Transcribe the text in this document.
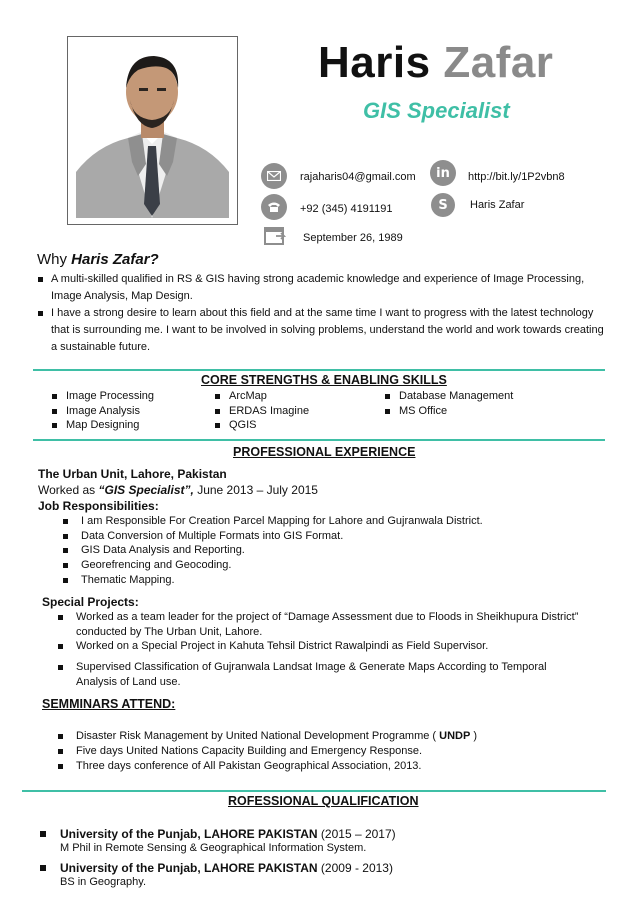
Haris Zafar
GIS Specialist
rajaharis04@gmail.com
+92 (345) 4191191
September 26, 1989
in	http://bit.ly/1P2vbn8
S	Haris Zafar
Why Haris Zafar?
A multi-skilled qualified in RS & GIS having strong academic knowledge and experience of Image Processing, Image Analysis, Map Design.
I have a strong desire to learn about this field and at the same time I want to progress with the latest technology that is surrounding me. I want to be involved in solving problems, understand the world and work towards creating a sustainable future.
CORE STRENGTHS & ENABLING SKILLS
Image Processing
Image Analysis
Map Designing
ArcMap
ERDAS Imagine
QGIS
Database Management
MS Office
PROFESSIONAL EXPERIENCE
The Urban Unit, Lahore, Pakistan
Worked as “GIS Specialist”, June 2013 – July 2015
Job Responsibilities:
I am Responsible For Creation Parcel Mapping for Lahore and Gujranwala District.
Data Conversion of Multiple Formats into GIS Format.
GIS Data Analysis and Reporting.
Georefrencing and Geocoding.
Thematic Mapping.
Special Projects:
Worked as a team leader for the project of “Damage Assessment due to Floods in Sheikhupura District” conducted by The Urban Unit, Lahore.
Worked on a Special Project in Kahuta Tehsil District Rawalpindi as Field Supervisor.
Supervised Classification of Gujranwala Landsat Image & Generate Maps According to Temporal Analysis of Land use.
SEMMINARS ATTEND:
Disaster Risk Management by United National Development Programme ( UNDP )
Five days United Nations Capacity Building and Emergency Response.
Three days conference of All Pakistan Geographical Association, 2013.
ROFESSIONAL QUALIFICATION
University of the Punjab, LAHORE PAKISTAN (2015 – 2017)
M Phil in Remote Sensing & Geographical Information System.
University of the Punjab, LAHORE PAKISTAN (2009 - 2013)
BS in Geography.
